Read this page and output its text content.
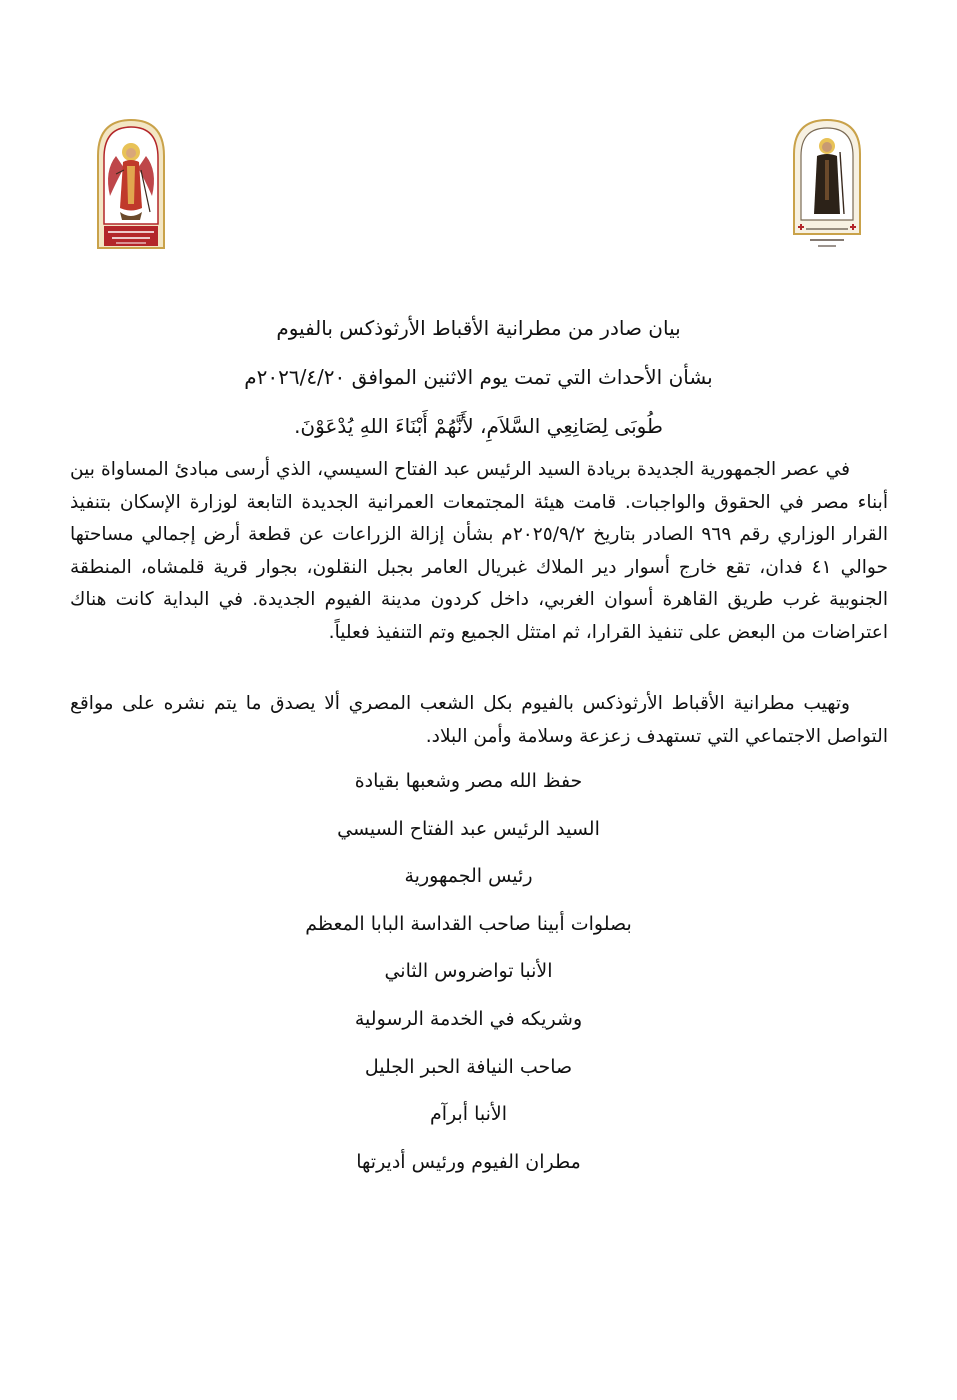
بيان صادر من مطرانية الأقباط الأرثوذكس بالفيوم
بشأن الأحداث التي تمت يوم الاثنين الموافق ٢٠٢٦/٤/٢٠م
طُوبَى لِصَانِعِي السَّلاَمِ، لأَنَّهُمْ أَبْنَاءَ اللهِ يُدْعَوْنَ.
في عصر الجمهورية الجديدة بريادة السيد الرئيس عبد الفتاح السيسي، الذي أرسى مبادئ المساواة بين أبناء مصر في الحقوق والواجبات. قامت هيئة المجتمعات العمرانية الجديدة التابعة لوزارة الإسكان بتنفيذ القرار الوزاري رقم ٩٦٩ الصادر بتاريخ ٢٠٢٥/٩/٢م بشأن إزالة الزراعات عن قطعة أرض إجمالي مساحتها حوالي ٤١ فدان، تقع خارج أسوار دير الملاك غبريال العامر بجبل النقلون، بجوار قرية قلمشاه، المنطقة الجنوبية غرب طريق القاهرة أسوان الغربي، داخل كردون مدينة الفيوم الجديدة. في البداية كانت هناك اعتراضات من البعض على تنفيذ القرارا، ثم امتثل الجميع وتم التنفيذ فعلياً.
وتهيب مطرانية الأقباط الأرثوذكس بالفيوم بكل الشعب المصري ألا يصدق ما يتم نشره على مواقع التواصل الاجتماعي التي تستهدف زعزعة وسلامة وأمن البلاد.
حفظ الله مصر وشعبها بقيادة
السيد الرئيس عبد الفتاح السيسي
رئيس الجمهورية
بصلوات أبينا صاحب القداسة البابا المعظم
الأنبا تواضروس الثاني
وشريكه في الخدمة الرسولية
صاحب النيافة الحبر الجليل
الأنبا أبرآم
مطران الفيوم ورئيس أديرتها
